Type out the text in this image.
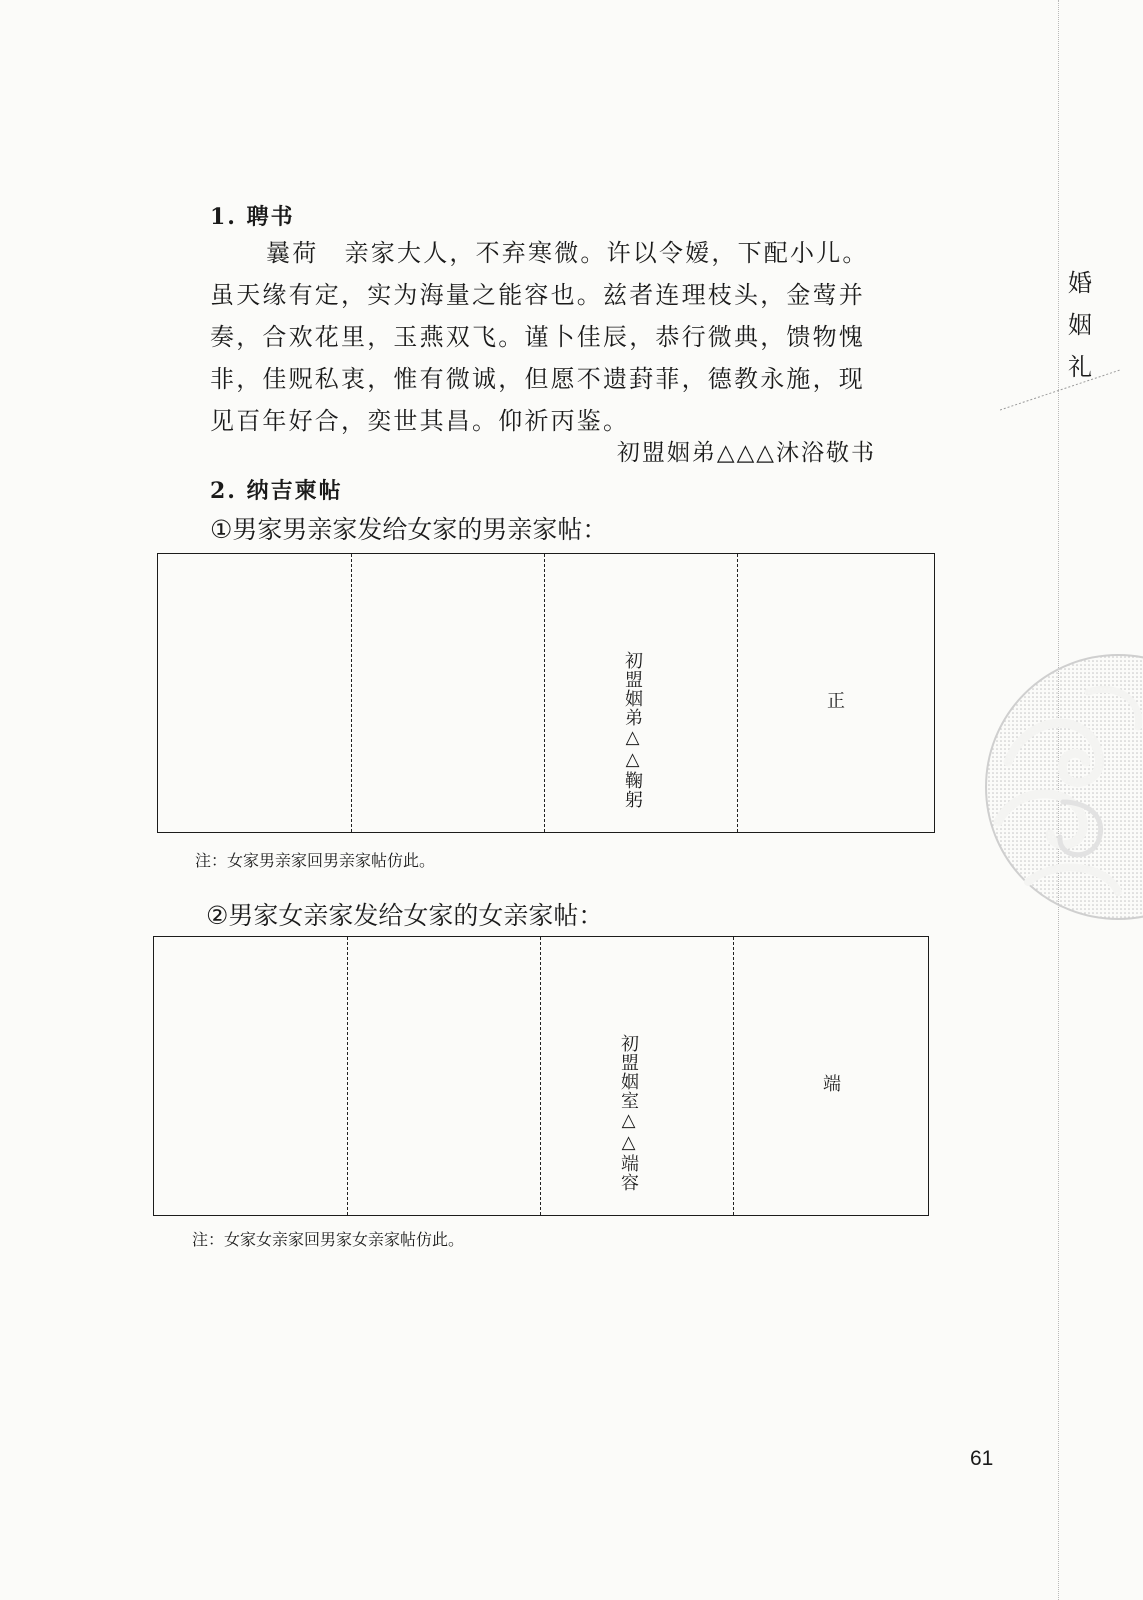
婚
姻
礼
1. 聘书

曩荷　亲家大人，不弃寒微。许以令嫒，下配小儿。虽天缘有定，实为海量之能容也。兹者连理枝头，金莺并奏，合欢花里，玉燕双飞。谨卜佳辰，恭行微典，馈物愧非，佳贶私衷，惟有微诚，但愿不遗葑菲，德教永施，现见百年好合，奕世其昌。仰祈丙鉴。

初盟姻弟△△△沐浴敬书
2. 纳吉柬帖
①男家男亲家发给女家的男亲家帖：
初盟姻弟△△鞠躬	正
注：女家男亲家回男亲家帖仿此。
②男家女亲家发给女家的女亲家帖：
初盟姻室△△端容	端
注：女家女亲家回男家女亲家帖仿此。
61
